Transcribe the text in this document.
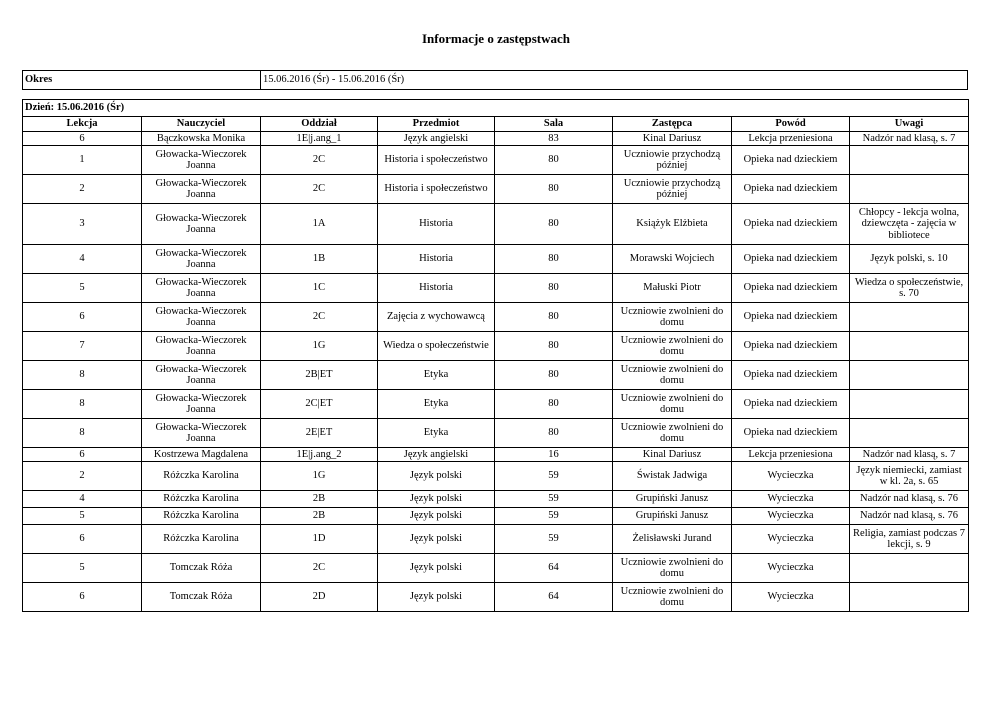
Informacje o zastępstwach
Okres	15.06.2016 (Śr) - 15.06.2016 (Śr)
Dzień: 15.06.2016 (Śr)							
Lekcja	Nauczyciel	Oddział	Przedmiot	Sala	Zastępca	Powód	Uwagi
6	Bączkowska Monika	1E|j.ang_1	Język angielski	83	Kinal Dariusz	Lekcja przeniesiona	Nadzór nad klasą, s. 7
1	Głowacka-Wieczorek Joanna	2C	Historia i społeczeństwo	80	Uczniowie przychodzą później	Opieka nad dzieckiem	
2	Głowacka-Wieczorek Joanna	2C	Historia i społeczeństwo	80	Uczniowie przychodzą później	Opieka nad dzieckiem	
3	Głowacka-Wieczorek Joanna	1A	Historia	80	Książyk Elżbieta	Opieka nad dzieckiem	Chłopcy - lekcja wolna, dziewczęta - zajęcia w bibliotece
4	Głowacka-Wieczorek Joanna	1B	Historia	80	Morawski Wojciech	Opieka nad dzieckiem	Język polski, s. 10
5	Głowacka-Wieczorek Joanna	1C	Historia	80	Małuski Piotr	Opieka nad dzieckiem	Wiedza o społeczeństwie, s. 70
6	Głowacka-Wieczorek Joanna	2C	Zajęcia z wychowawcą	80	Uczniowie zwolnieni do domu	Opieka nad dzieckiem	
7	Głowacka-Wieczorek Joanna	1G	Wiedza o społeczeństwie	80	Uczniowie zwolnieni do domu	Opieka nad dzieckiem	
8	Głowacka-Wieczorek Joanna	2B|ET	Etyka	80	Uczniowie zwolnieni do domu	Opieka nad dzieckiem	
8	Głowacka-Wieczorek Joanna	2C|ET	Etyka	80	Uczniowie zwolnieni do domu	Opieka nad dzieckiem	
8	Głowacka-Wieczorek Joanna	2E|ET	Etyka	80	Uczniowie zwolnieni do domu	Opieka nad dzieckiem	
6	Kostrzewa Magdalena	1E|j.ang_2	Język angielski	16	Kinal Dariusz	Lekcja przeniesiona	Nadzór nad klasą, s. 7
2	Różczka Karolina	1G	Język polski	59	Świstak Jadwiga	Wycieczka	Język niemiecki, zamiast w kl. 2a, s. 65
4	Różczka Karolina	2B	Język polski	59	Grupiński Janusz	Wycieczka	Nadzór nad klasą, s. 76
5	Różczka Karolina	2B	Język polski	59	Grupiński Janusz	Wycieczka	Nadzór nad klasą, s. 76
6	Różczka Karolina	1D	Język polski	59	Żelisławski Jurand	Wycieczka	Religia, zamiast podczas 7 lekcji, s. 9
5	Tomczak Róża	2C	Język polski	64	Uczniowie zwolnieni do domu	Wycieczka	
6	Tomczak Róża	2D	Język polski	64	Uczniowie zwolnieni do domu	Wycieczka	
